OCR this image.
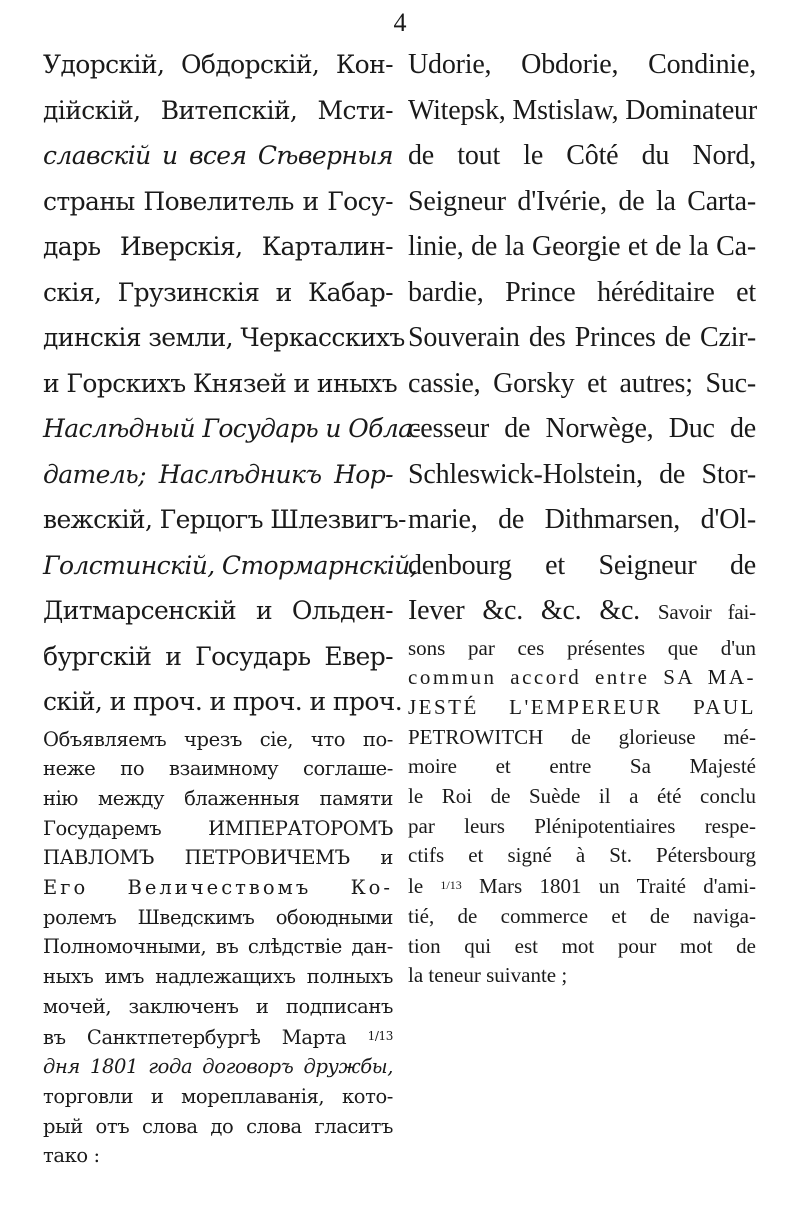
4
Удорскій, Обдорскій, Кон-
дійскій, Витепскій, Мсти-
славскій и всея Сѣверныя
страны Повелитель и Госу-
дарь Иверскія, Карталин-
скія, Грузинскія и Кабар-
динскія земли, Черкасскихъ
и Горскихъ Князей и иныхъ
Наслѣдный Государь и Обла-
датель; Наслѣдникъ Нор-
вежскій, Герцогъ Шлезвигъ-
Голстинскій, Стормарнскій,
Дитмарсенскій и Ольден-
бургскій и Государь Евер-
скій, и проч. и проч. и проч.
Объявляемъ чрезъ сіе, что по-
неже по взаимному соглаше-
нію между блаженныя памяти
Государемъ ИМПЕРАТОРОМЪ
ПАВЛОМЪ ПЕТРОВИЧЕМЪ и
Его Величествомъ Ко-
ролемъ Шведскимъ обоюдными
Полномочными, въ слѣдствіе дан-
ныхъ имъ надлежащихъ полныхъ
мочей, заключенъ и подписанъ
въ Санктпетербургѣ Марта $^{1/13}$
дня 1801 года договоръ дружбы,
торговли и мореплаванія, кото-
рый отъ слова до слова гласитъ
тако :
Udorie, Obdorie, Condinie,
Witepsk, Mstislaw, Dominateur
de tout le Côté du Nord,
Seigneur d'Ivérie, de la Carta-
linie, de la Georgie et de la Ca-
bardie, Prince héréditaire et
Souverain des Princes de Czir-
cassie, Gorsky et autres; Suc-
cesseur de Norwège, Duc de
Schleswick-Holstein, de Stor-
marie, de Dithmarsen, d'Ol-
denbourg et Seigneur de
Iever &c. &c. &c. Savoir fai-
sons par ces présentes que d'un
commun accord entre SA MA-
JESTÉ L'EMPEREUR PAUL
PETROWITCH de glorieuse mé-
moire et entre Sa Majesté
le Roi de Suède il a été conclu
par leurs Plénipotentiaires respe-
ctifs et signé à St. Pétersbourg
le 1/13 Mars 1801 un Traité d'ami-
tié, de commerce et de naviga-
tion qui est mot pour mot de
la teneur suivante ;
